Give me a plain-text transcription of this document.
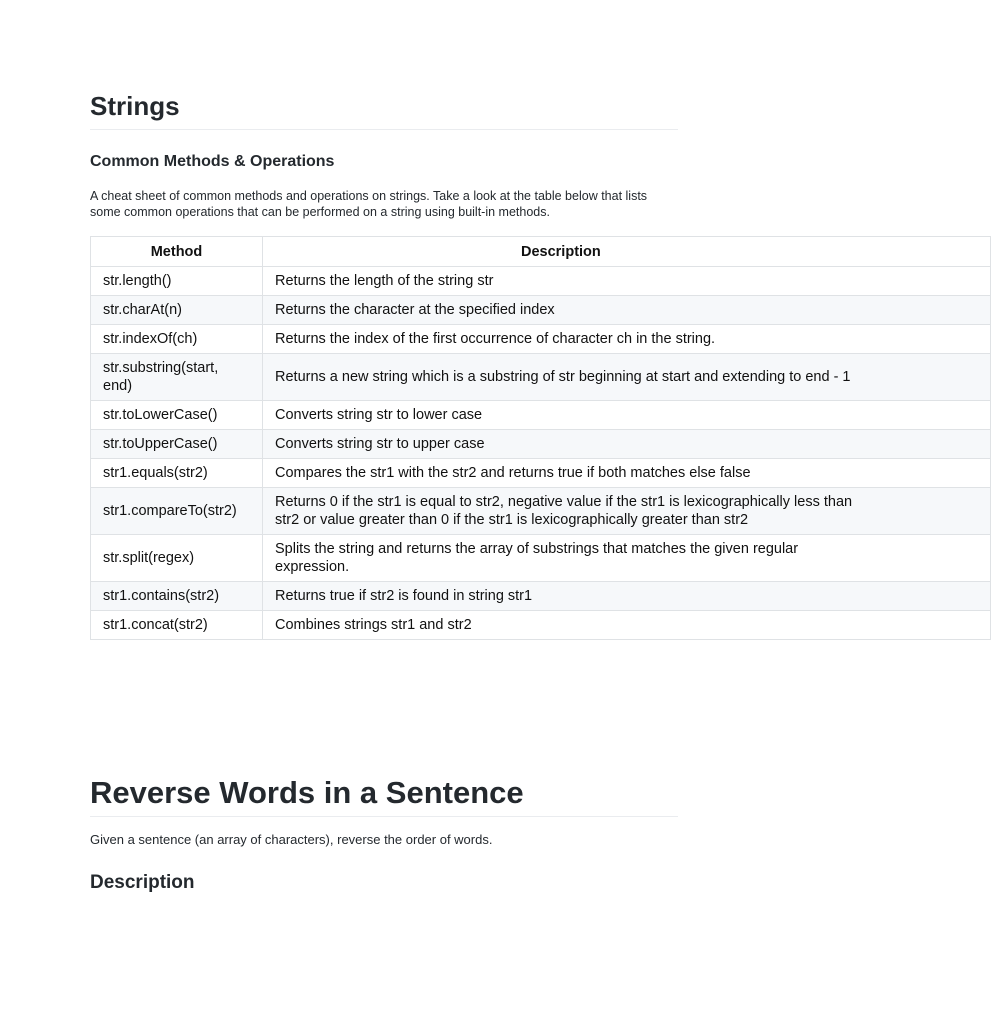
Strings
Common Methods & Operations
A cheat sheet of common methods and operations on strings. Take a look at the table below that lists some common operations that can be performed on a string using built-in methods.
Method	Description
str.length()	Returns the length of the string str
str.charAt(n)	Returns the character at the specified index
str.indexOf(ch)	Returns the index of the first occurrence of character ch in the string.
str.substring(start, end)	Returns a new string which is a substring of str beginning at start and extending to end - 1

str.toLowerCase()	Converts string str to lower case
str.toUpperCase()	Converts string str to upper case
str1.equals(str2)	Compares the str1 with the str2 and returns true if both matches else false
str1.compareTo(str2)	Returns 0 if the str1 is equal to str2, negative value if the str1 is lexicographically less than str2 or value greater than 0 if the str1 is lexicographically greater than str2

str.split(regex)	Splits the string and returns the array of substrings that matches the given regular expression.

str1.contains(str2)	Returns true if str2 is found in string str1
str1.concat(str2)	Combines strings str1 and str2
Reverse Words in a Sentence
Given a sentence (an array of characters), reverse the order of words.
Description
